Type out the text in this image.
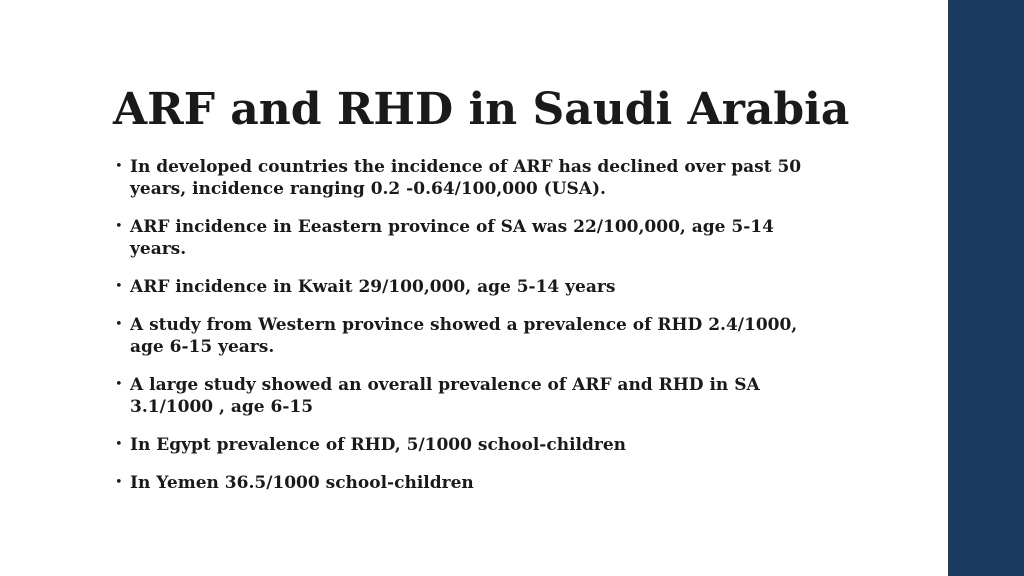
ARF and RHD in Saudi Arabia
• In developed countries the incidence of ARF has declined over past 50 years, incidence ranging 0.2 -0.64/100,000 (USA).
• ARF incidence in Eeastern province of SA was 22/100,000, age 5-14 years.
• ARF incidence in Kwait 29/100,000, age 5-14 years
• A study from Western province showed a prevalence of RHD 2.4/1000, age 6-15 years.
• A large study showed an overall prevalence of ARF and RHD in SA 3.1/1000 , age 6-15
• In Egypt prevalence of RHD, 5/1000 school-children
• In Yemen 36.5/1000 school-children
